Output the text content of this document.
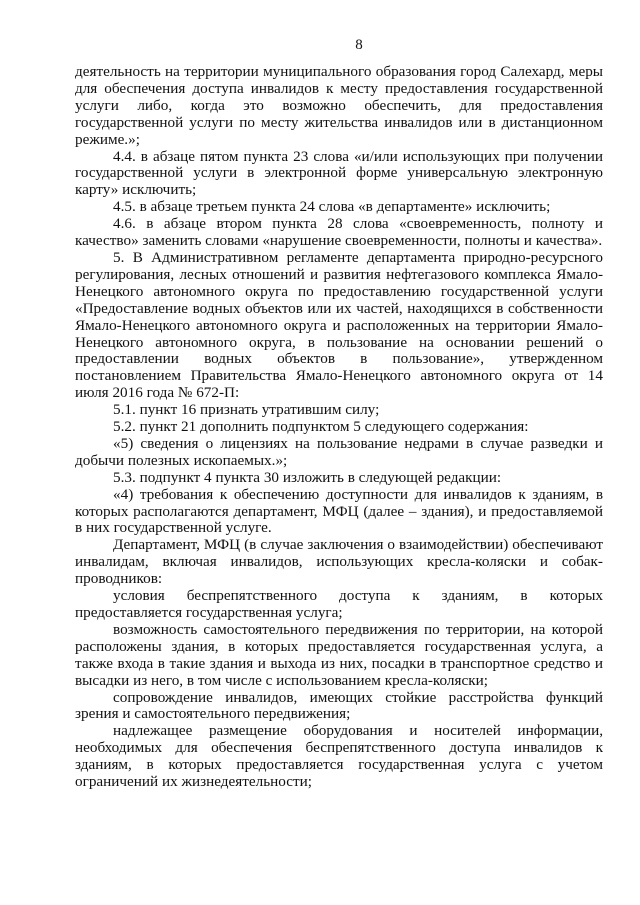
8

деятельность на территории муниципального образования город Салехард, меры для обеспечения доступа инвалидов к месту предоставления государственной услуги либо, когда это возможно обеспечить, для предоставления государственной услуги по месту жительства инвалидов или в дистанционном режиме.»;

4.4. в абзаце пятом пункта 23 слова «и/или использующих при получении государственной услуги в электронной форме универсальную электронную карту» исключить;

4.5. в абзаце третьем пункта 24 слова «в департаменте» исключить;

4.6. в абзаце втором пункта 28 слова «своевременность, полноту и качество» заменить словами «нарушение своевременности, полноты и качества».

5. В Административном регламенте департамента природно-ресурсного регулирования, лесных отношений и развития нефтегазового комплекса Ямало-Ненецкого автономного округа по предоставлению государственной услуги «Предоставление водных объектов или их частей, находящихся в собственности Ямало-Ненецкого автономного округа и расположенных на территории Ямало-Ненецкого автономного округа, в пользование на основании решений о предоставлении водных объектов в пользование», утвержденном постановлением Правительства Ямало-Ненецкого автономного округа от 14 июля 2016 года № 672-П:

5.1. пункт 16 признать утратившим силу;

5.2. пункт 21 дополнить подпунктом 5 следующего содержания:

«5) сведения о лицензиях на пользование недрами в случае разведки и добычи полезных ископаемых.»;

5.3. подпункт 4 пункта 30 изложить в следующей редакции:

«4) требования к обеспечению доступности для инвалидов к зданиям, в которых располагаются департамент, МФЦ (далее – здания), и предоставляемой в них государственной услуге.

Департамент, МФЦ (в случае заключения о взаимодействии) обеспечивают инвалидам, включая инвалидов, использующих кресла-коляски и собак-проводников:

условия беспрепятственного доступа к зданиям, в которых предоставляется государственная услуга;

возможность самостоятельного передвижения по территории, на которой расположены здания, в которых предоставляется государственная услуга, а также входа в такие здания и выхода из них, посадки в транспортное средство и высадки из него, в том числе с использованием кресла-коляски;

сопровождение инвалидов, имеющих стойкие расстройства функций зрения и самостоятельного передвижения;

надлежащее размещение оборудования и носителей информации, необходимых для обеспечения беспрепятственного доступа инвалидов к зданиям, в которых предоставляется государственная услуга с учетом ограничений их жизнедеятельности;
